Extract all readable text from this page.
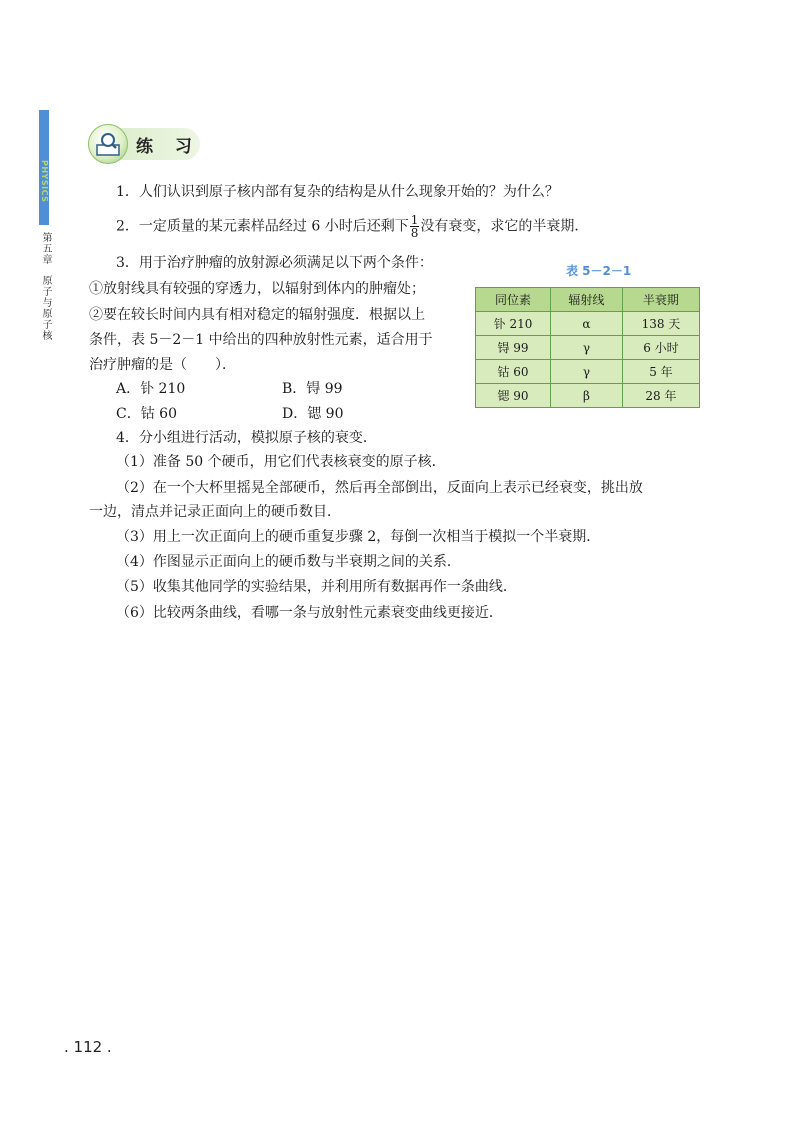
PHYSICS
第五章
原子与原子核
练 习
1．人们认识到原子核内部有复杂的结构是从什么现象开始的？为什么？
2．一定质量的某元素样品经过 6 小时后还剩下 $\frac{1}{8}$ 没有衰变，求它的半衰期．
3．用于治疗肿瘤的放射源必须满足以下两个条件：
①放射线具有较强的穿透力，以辐射到体内的肿瘤处；
②要在较长时间内具有相对稳定的辐射强度．根据以上
条件，表 5－2－1 中给出的四种放射性元素，适合用于
治疗肿瘤的是（　　）．
A．钋 210	B．锝 99
C．钴 60	D．锶 90
4．分小组进行活动，模拟原子核的衰变．
（1）准备 50 个硬币，用它们代表核衰变的原子核．
（2）在一个大杯里摇晃全部硬币，然后再全部倒出，反面向上表示已经衰变，挑出放
一边，清点并记录正面向上的硬币数目．
（3）用上一次正面向上的硬币重复步骤 2，每倒一次相当于模拟一个半衰期．
（4）作图显示正面向上的硬币数与半衰期之间的关系．
（5）收集其他同学的实验结果，并利用所有数据再作一条曲线．
（6）比较两条曲线，看哪一条与放射性元素衰变曲线更接近．
表 5－2－1
同位素	辐射线	半衰期
钋 210	α	138 天
锝 99	γ	6 小时
钴 60	γ	5 年
锶 90	β	28 年
. 112 .
